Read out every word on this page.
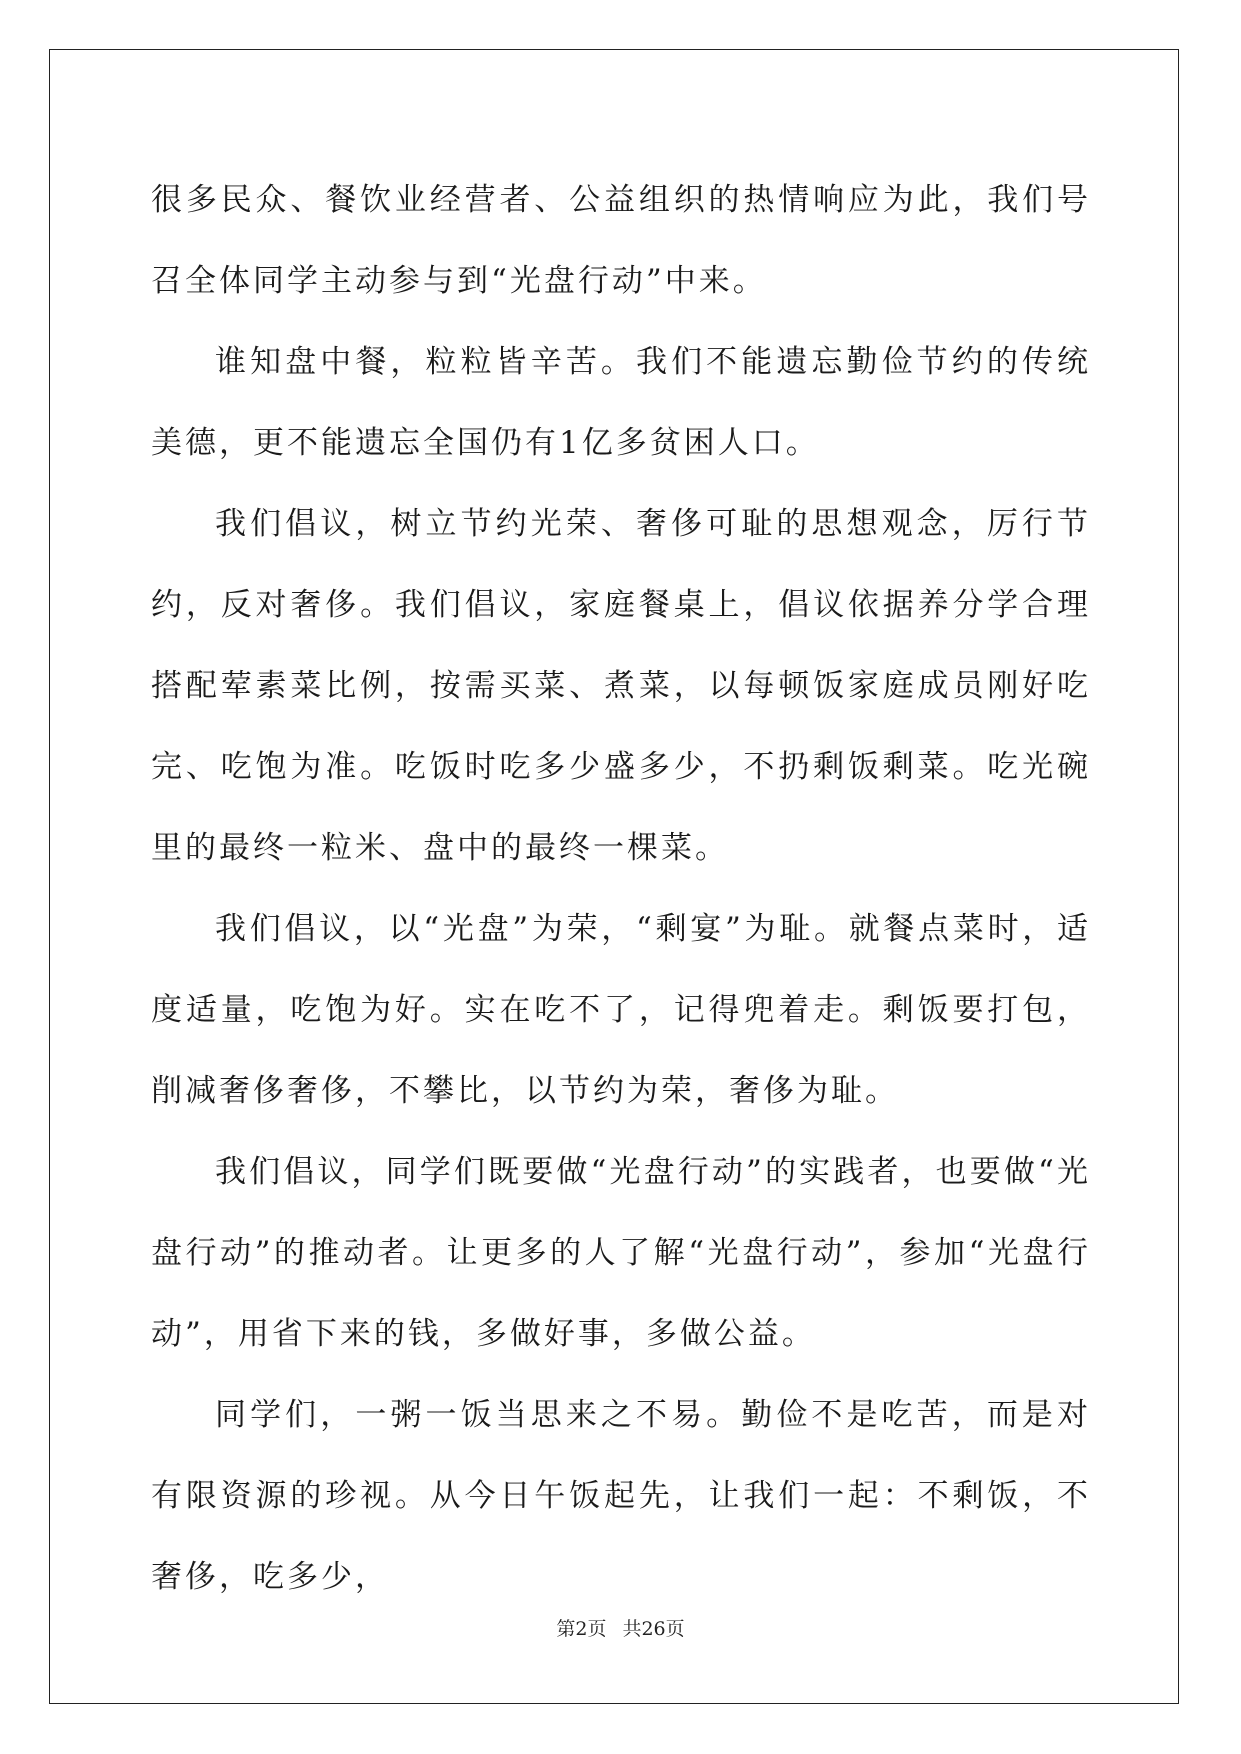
很多民众、餐饮业经营者、公益组织的热情响应为此，我们号召全体同学主动参与到“光盘行动”中来。

谁知盘中餐，粒粒皆辛苦。我们不能遗忘勤俭节约的传统美德，更不能遗忘全国仍有1亿多贫困人口。

我们倡议，树立节约光荣、奢侈可耻的思想观念，厉行节约，反对奢侈。我们倡议，家庭餐桌上，倡议依据养分学合理搭配荤素菜比例，按需买菜、煮菜，以每顿饭家庭成员刚好吃完、吃饱为准。吃饭时吃多少盛多少，不扔剩饭剩菜。吃光碗里的最终一粒米、盘中的最终一棵菜。

我们倡议，以“光盘”为荣，“剩宴”为耻。就餐点菜时，适度适量，吃饱为好。实在吃不了，记得兜着走。剩饭要打包，削减奢侈奢侈，不攀比，以节约为荣，奢侈为耻。

我们倡议，同学们既要做“光盘行动”的实践者，也要做“光盘行动”的推动者。让更多的人了解“光盘行动”，参加“光盘行动”，用省下来的钱，多做好事，多做公益。

同学们，一粥一饭当思来之不易。勤俭不是吃苦，而是对有限资源的珍视。从今日午饭起先，让我们一起：不剩饭，不奢侈，吃多少，

第2页 共26页
